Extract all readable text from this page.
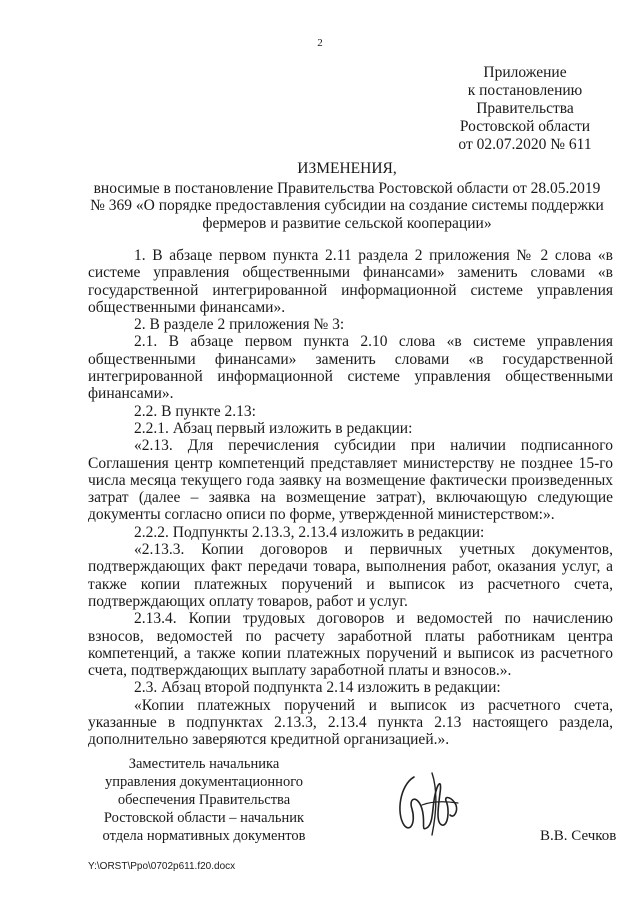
2
Приложение
к постановлению
Правительства
Ростовской области
от 02.07.2020 № 611
ИЗМЕНЕНИЯ,
вносимые в постановление Правительства Ростовской области от 28.05.2019 № 369 «О порядке предоставления субсидии на создание системы поддержки фермеров и развитие сельской кооперации»

1. В абзаце первом пункта 2.11 раздела 2 приложения № 2 слова «в системе управления общественными финансами» заменить словами «в государственной интегрированной информационной системе управления общественными финансами».

2. В разделе 2 приложения № 3:

2.1. В абзаце первом пункта 2.10 слова «в системе управления общественными финансами» заменить словами «в государственной интегрированной информационной системе управления общественными финансами».

2.2. В пункте 2.13:

2.2.1. Абзац первый изложить в редакции:

«2.13. Для перечисления субсидии при наличии подписанного Соглашения центр компетенций представляет министерству не позднее 15-го числа месяца текущего года заявку на возмещение фактически произведенных затрат (далее – заявка на возмещение затрат), включающую следующие документы согласно описи по форме, утвержденной министерством:».

2.2.2. Подпункты 2.13.3, 2.13.4 изложить в редакции:

«2.13.3. Копии договоров и первичных учетных документов, подтверждающих факт передачи товара, выполнения работ, оказания услуг, а также копии платежных поручений и выписок из расчетного счета, подтверждающих оплату товаров, работ и услуг.

2.13.4. Копии трудовых договоров и ведомостей по начислению взносов, ведомостей по расчету заработной платы работникам центра компетенций, а также копии платежных поручений и выписок из расчетного счета, подтверждающих выплату заработной платы и взносов.».

2.3. Абзац второй подпункта 2.14 изложить в редакции:

«Копии платежных поручений и выписок из расчетного счета, указанные в подпунктах 2.13.3, 2.13.4 пункта 2.13 настоящего раздела, дополнительно заверяются кредитной организацией.».

Заместитель начальника
управления документационного
обеспечения Правительства
Ростовской области – начальник
отдела нормативных документов	В.В. Сечков
Y:\ORST\Ppo\0702p611.f20.docx
